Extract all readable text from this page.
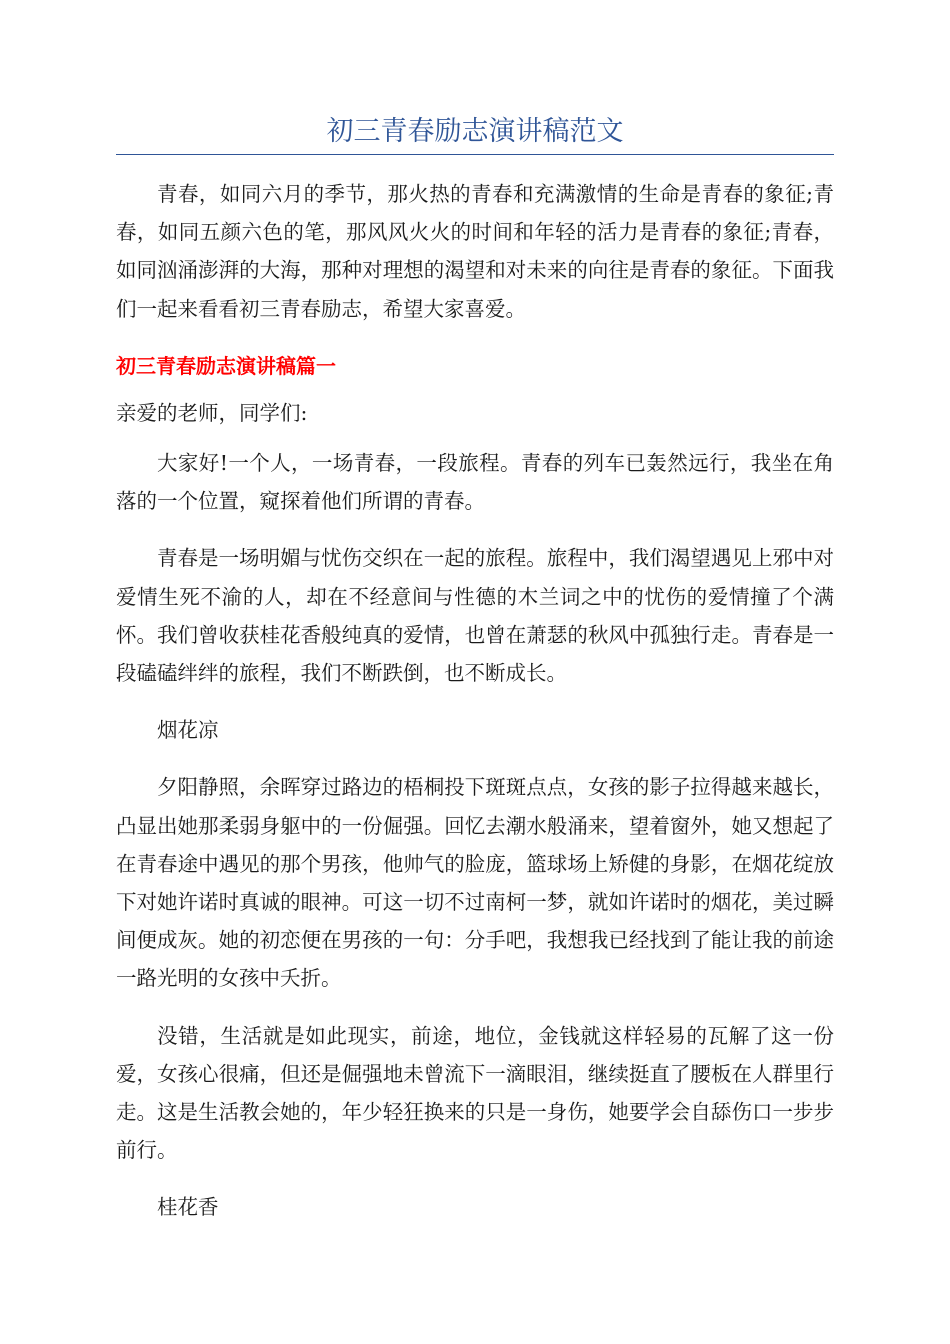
初三青春励志演讲稿范文

青春，如同六月的季节，那火热的青春和充满激情的生命是青春的象征;青春，如同五颜六色的笔，那风风火火的时间和年轻的活力是青春的象征;青春，如同汹涌澎湃的大海，那种对理想的渴望和对未来的向往是青春的象征。下面我们一起来看看初三青春励志，希望大家喜爱。

初三青春励志演讲稿篇一

亲爱的老师，同学们:

大家好!一个人，一场青春，一段旅程。青春的列车已轰然远行，我坐在角落的一个位置，窥探着他们所谓的青春。

青春是一场明媚与忧伤交织在一起的旅程。旅程中，我们渴望遇见上邪中对爱情生死不渝的人，却在不经意间与性德的木兰词之中的忧伤的爱情撞了个满怀。我们曾收获桂花香般纯真的爱情，也曾在萧瑟的秋风中孤独行走。青春是一段磕磕绊绊的旅程，我们不断跌倒，也不断成长。

烟花凉

夕阳静照，余晖穿过路边的梧桐投下斑斑点点，女孩的影子拉得越来越长，凸显出她那柔弱身躯中的一份倔强。回忆去潮水般涌来，望着窗外，她又想起了在青春途中遇见的那个男孩，他帅气的脸庞，篮球场上矫健的身影，在烟花绽放下对她许诺时真诚的眼神。可这一切不过南柯一梦，就如许诺时的烟花，美过瞬间便成灰。她的初恋便在男孩的一句：分手吧，我想我已经找到了能让我的前途一路光明的女孩中夭折。

没错，生活就是如此现实，前途，地位，金钱就这样轻易的瓦解了这一份爱，女孩心很痛，但还是倔强地未曾流下一滴眼泪，继续挺直了腰板在人群里行走。这是生活教会她的，年少轻狂换来的只是一身伤，她要学会自舔伤口一步步前行。

桂花香
